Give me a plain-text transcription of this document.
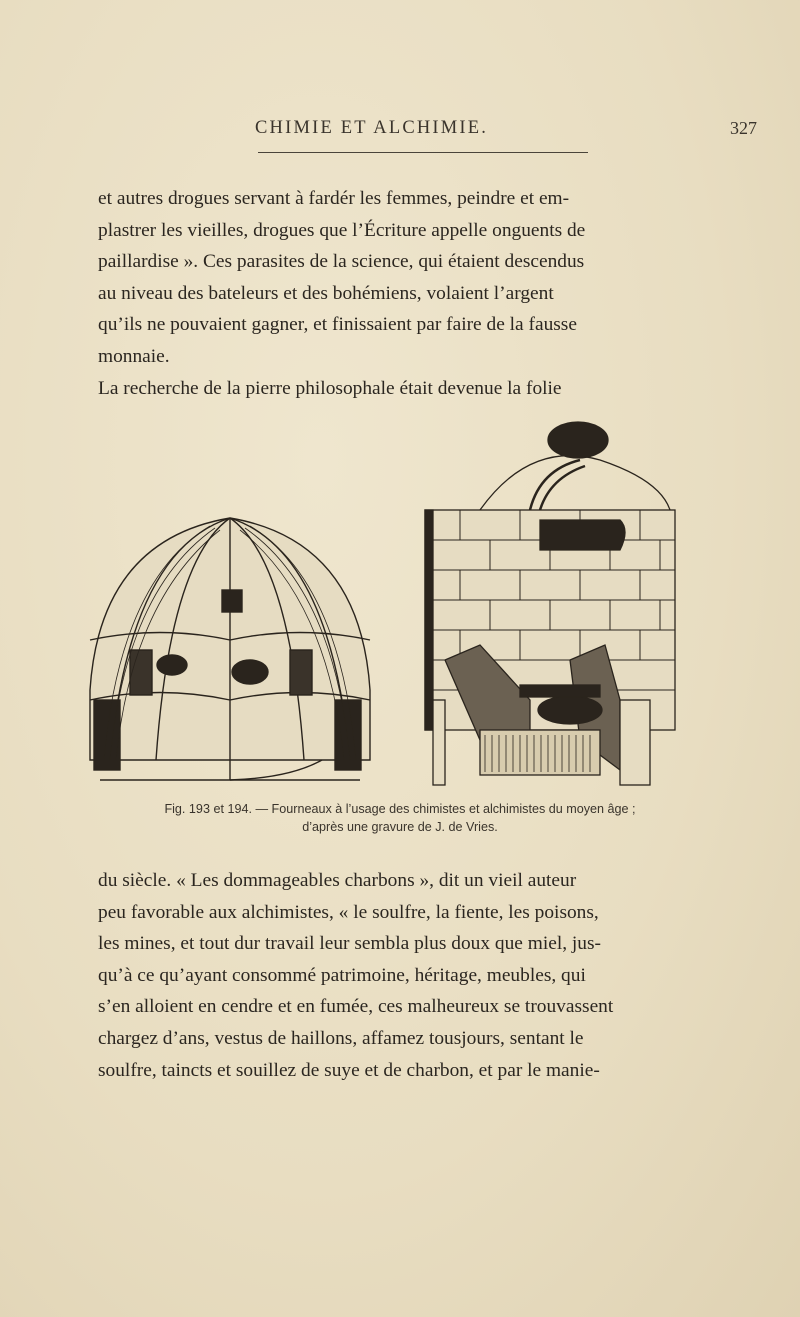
CHIMIE ET ALCHIMIE.	327

et autres drogues servant à fardér les femmes, peindre et em-

plastrer les vieilles, drogues que l’Écriture appelle onguents de

paillardise ». Ces parasites de la science, qui étaient descendus

au niveau des bateleurs et des bohémiens, volaient l’argent

qu’ils ne pouvaient gagner, et finissaient par faire de la fausse

monnaie.

La recherche de la pierre philosophale était devenue la folie

Fig. 193 et 194. — Fourneaux à l’usage des chimistes et alchimistes du moyen âge ;
d’après une gravure de J. de Vries.

du siècle. « Les dommageables charbons », dit un vieil auteur

peu favorable aux alchimistes, « le soulfre, la fiente, les poisons,

les mines, et tout dur travail leur sembla plus doux que miel, jus-

qu’à ce qu’ayant consommé patrimoine, héritage, meubles, qui

s’en alloient en cendre et en fumée, ces malheureux se trouvassent

chargez d’ans, vestus de haillons, affamez tousjours, sentant le

soulfre, taincts et souillez de suye et de charbon, et par le manie-
